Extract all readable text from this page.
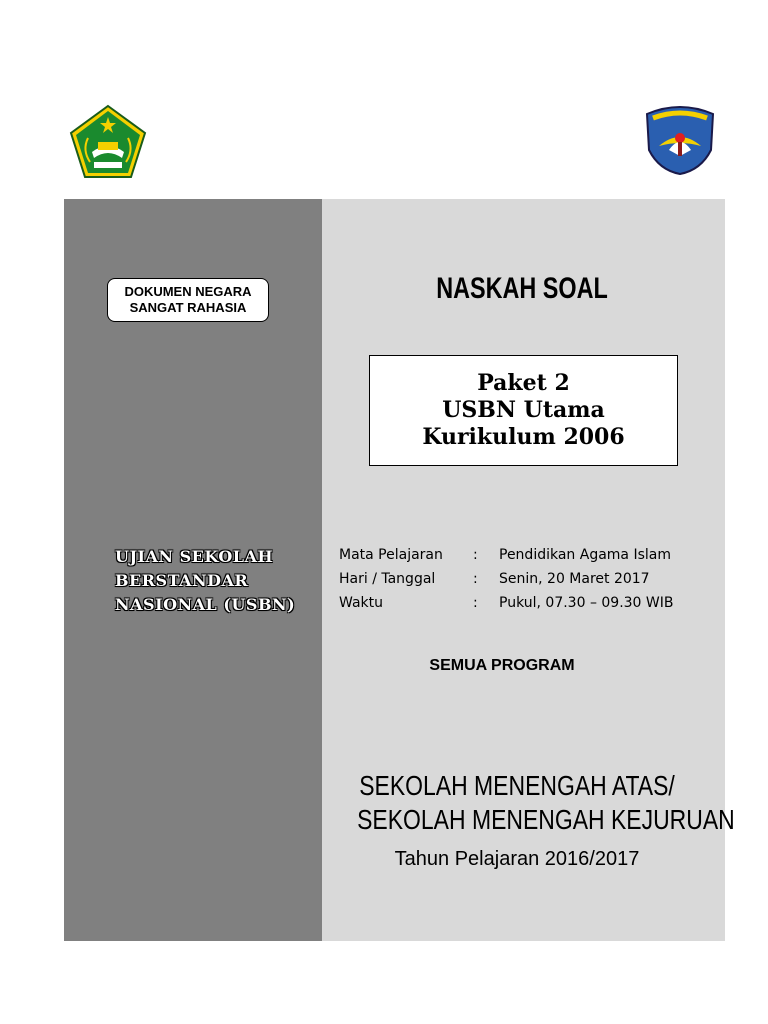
DOKUMEN NEGARA
SANGAT RAHASIA
NASKAH SOAL
Paket 2
USBN Utama
Kurikulum 2006
UJIAN SEKOLAH
BERSTANDAR
NASIONAL (USBN)
Mata Pelajaran	:	Pendidikan Agama Islam
Hari / Tanggal	:	Senin, 20 Maret 2017
Waktu	:	Pukul, 07.30 – 09.30 WIB
SEMUA PROGRAM
SEKOLAH MENENGAH ATAS/
SEKOLAH MENENGAH KEJURUAN
Tahun Pelajaran 2016/2017
